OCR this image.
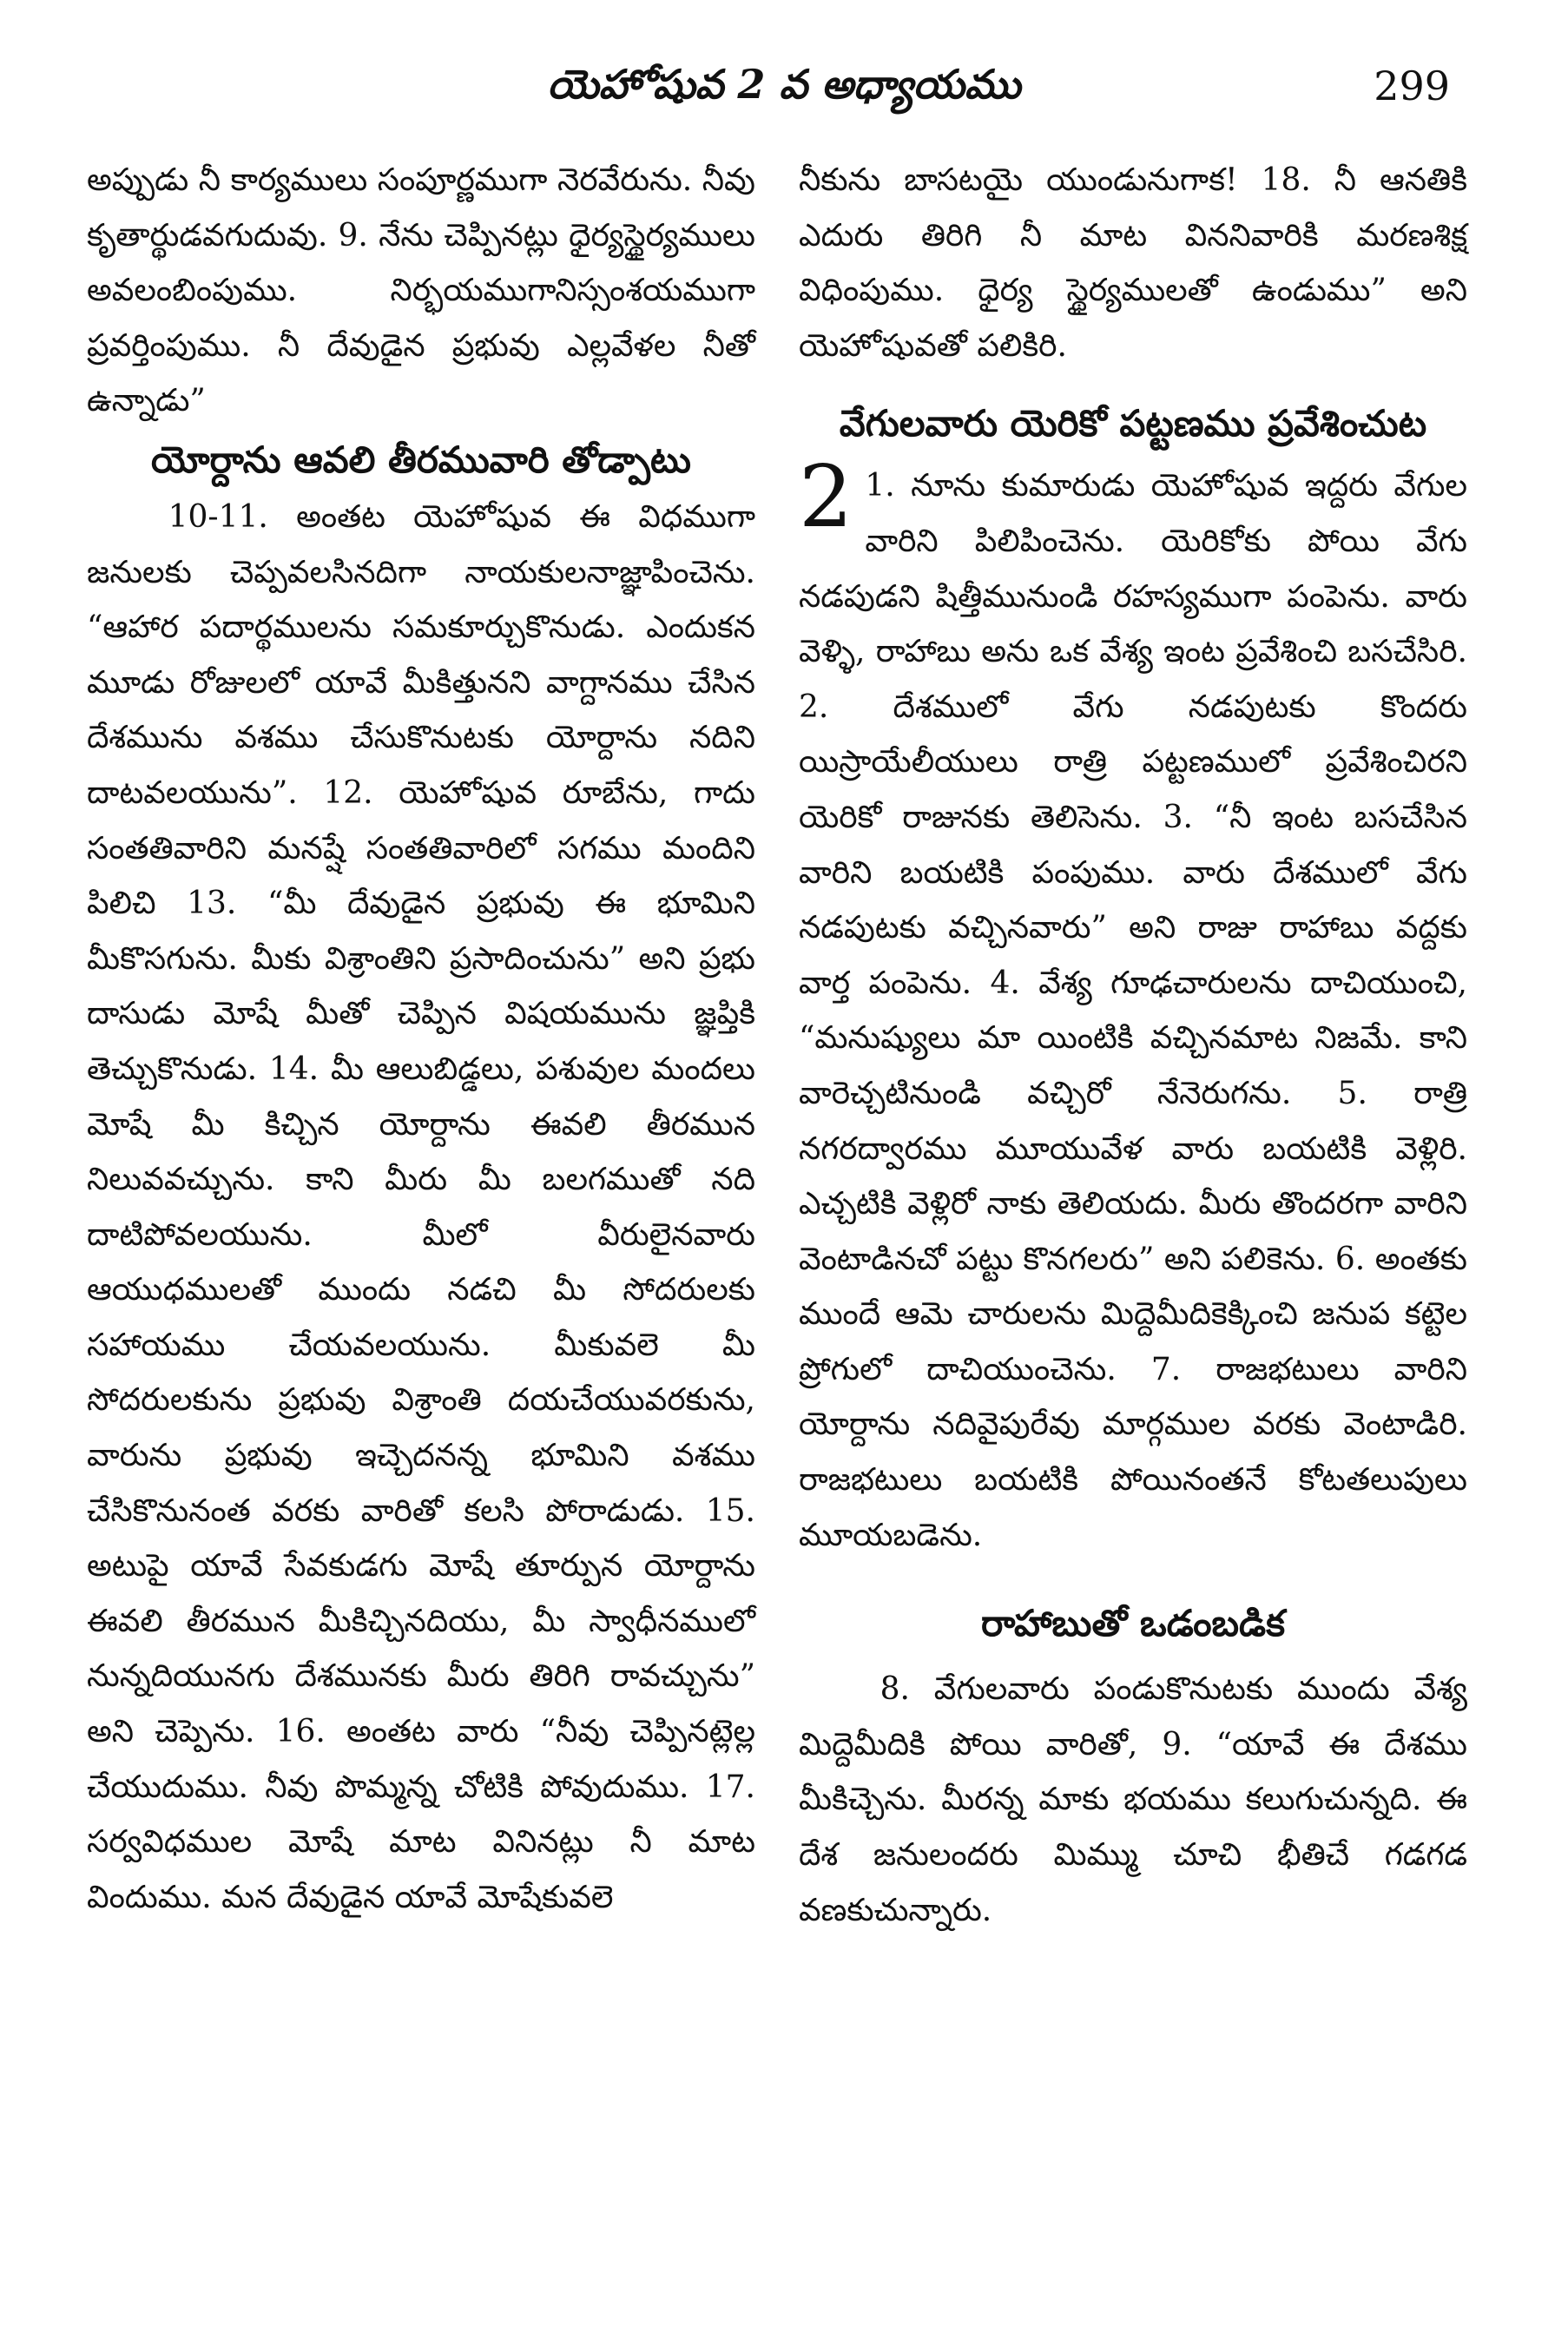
యెహోషువ 2 వ అధ్యాయము	299

అప్పుడు నీ కార్యములు సంపూర్ణముగా నెరవేరును. నీవు కృతార్థుడవగుదువు. 9. నేను చెప్పినట్లు ధైర్యస్థైర్యములు అవలంబింపుము. నిర్భయముగానిస్సంశయముగా ప్రవర్తింపుము. నీ దేవుడైన ప్రభువు ఎల్లవేళల నీతో ఉన్నాడు”

యోర్దాను ఆవలి తీరమువారి తోడ్పాటు

10-11. అంతట యెహోషువ ఈ విధముగా జనులకు చెప్పవలసినదిగా నాయకులనాజ్ఞాపించెను. “ఆహార పదార్థములను సమకూర్చుకొనుడు. ఎందుకన మూడు రోజులలో యావే మీకిత్తునని వాగ్దానము చేసిన దేశమును వశము చేసుకొనుటకు యోర్దాను నదిని దాటవలయును”. 12. యెహోషువ రూబేను, గాదు సంతతివారిని మనష్షే సంతతివారిలో సగము మందిని పిలిచి 13. “మీ దేవుడైన ప్రభువు ఈ భూమిని మీకొసగును. మీకు విశ్రాంతిని ప్రసాదించును” అని ప్రభు దాసుడు మోషే మీతో చెప్పిన విషయమును జ్ఞప్తికి తెచ్చుకొనుడు. 14. మీ ఆలుబిడ్డలు, పశువుల మందలు మోషే మీ కిచ్చిన యోర్దాను ఈవలి తీరమున నిలువవచ్చును. కాని మీరు మీ బలగముతో నది దాటిపోవలయును. మీలో వీరులైనవారు ఆయుధములతో ముందు నడచి మీ సోదరులకు సహాయము చేయవలయును. మీకువలె మీ సోదరులకును ప్రభువు విశ్రాంతి దయచేయువరకును, వారును ప్రభువు ఇచ్చెదనన్న భూమిని వశము చేసికొనునంత వరకు వారితో కలసి పోరాడుడు. 15. అటుపై యావే సేవకుడగు మోషే తూర్పున యోర్దాను ఈవలి తీరమున మీకిచ్చినదియు, మీ స్వాధీనములో నున్నదియునగు దేశమునకు మీరు తిరిగి రావచ్చును” అని చెప్పెను. 16. అంతట వారు “నీవు చెప్పినట్లెల్ల చేయుదుము. నీవు పొమ్మన్న చోటికి పోవుదుము. 17. సర్వవిధముల మోషే మాట వినినట్లు నీ మాట విందుము. మన దేవుడైన యావే మోషేకువలె

నీకును బాసటయై యుండునుగాక! 18. నీ ఆనతికి ఎదురు తిరిగి నీ మాట విననివారికి మరణశిక్ష విధింపుము. ధైర్య స్థైర్యములతో ఉండుము” అని యెహోషువతో పలికిరి.

వేగులవారు యెరికో పట్టణము ప్రవేశించుట

2 1. నూను కుమారుడు యెహోషువ ఇద్దరు వేగుల వారిని పిలిపించెను. యెరికోకు పోయి వేగు నడపుడని షిత్తీమునుండి రహస్యముగా పంపెను. వారు వెళ్ళి, రాహాబు అను ఒక వేశ్య ఇంట ప్రవేశించి బసచేసిరి. 2. దేశములో వేగు నడపుటకు కొందరు యిస్రాయేలీయులు రాత్రి పట్టణములో ప్రవేశించిరని యెరికో రాజునకు తెలిసెను. 3. “నీ ఇంట బసచేసిన వారిని బయటికి పంపుము. వారు దేశములో వేగు నడపుటకు వచ్చినవారు” అని రాజు రాహాబు వద్దకు వార్త పంపెను. 4. వేశ్య గూఢచారులను దాచియుంచి, “మనుష్యులు మా యింటికి వచ్చినమాట నిజమే. కాని వారెచ్చటినుండి వచ్చిరో నేనెరుగను. 5. రాత్రి నగరద్వారము మూయువేళ వారు బయటికి వెళ్లిరి. ఎచ్చటికి వెళ్లిరో నాకు తెలియదు. మీరు తొందరగా వారిని వెంటాడినచో పట్టు కొనగలరు” అని పలికెను. 6. అంతకు ముందే ఆమె చారులను మిద్దెమీదికెక్కించి జనుప కట్టెల ప్రోగులో దాచియుంచెను. 7. రాజభటులు వారిని యోర్దాను నదివైపురేవు మార్గముల వరకు వెంటాడిరి. రాజభటులు బయటికి పోయినంతనే కోటతలుపులు మూయబడెను.

రాహాబుతో ఒడంబడిక

8. వేగులవారు పండుకొనుటకు ముందు వేశ్య మిద్దెమీదికి పోయి వారితో, 9. “యావే ఈ దేశము మీకిచ్చెను. మీరన్న మాకు భయము కలుగుచున్నది. ఈ దేశ జనులందరు మిమ్ము చూచి భీతిచే గడగడ వణకుచున్నారు.
